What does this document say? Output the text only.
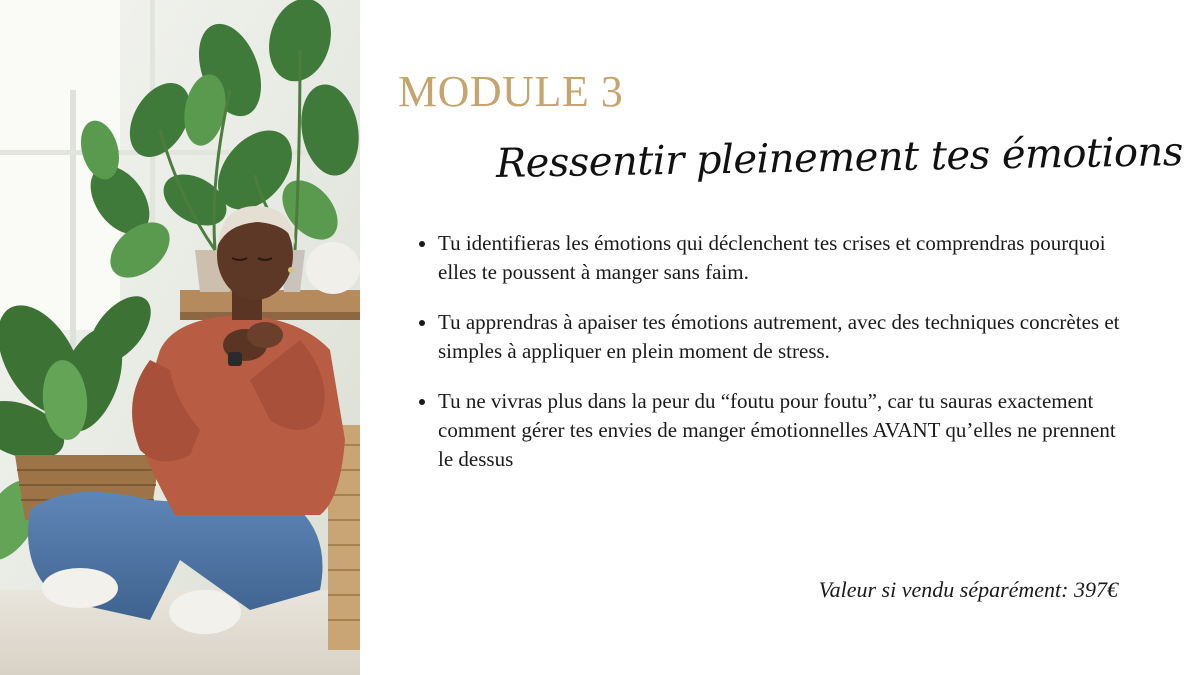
MODULE 3
Ressentir pleinement tes émotions
• Tu identifieras les émotions qui déclenchent tes crises et comprendras pourquoi elles te poussent à manger sans faim.
• Tu apprendras à apaiser tes émotions autrement, avec des techniques concrètes et simples à appliquer en plein moment de stress.
• Tu ne vivras plus dans la peur du “foutu pour foutu”, car tu sauras exactement comment gérer tes envies de manger émotionnelles AVANT qu’elles ne prennent le dessus

Valeur si vendu séparément: 397€
